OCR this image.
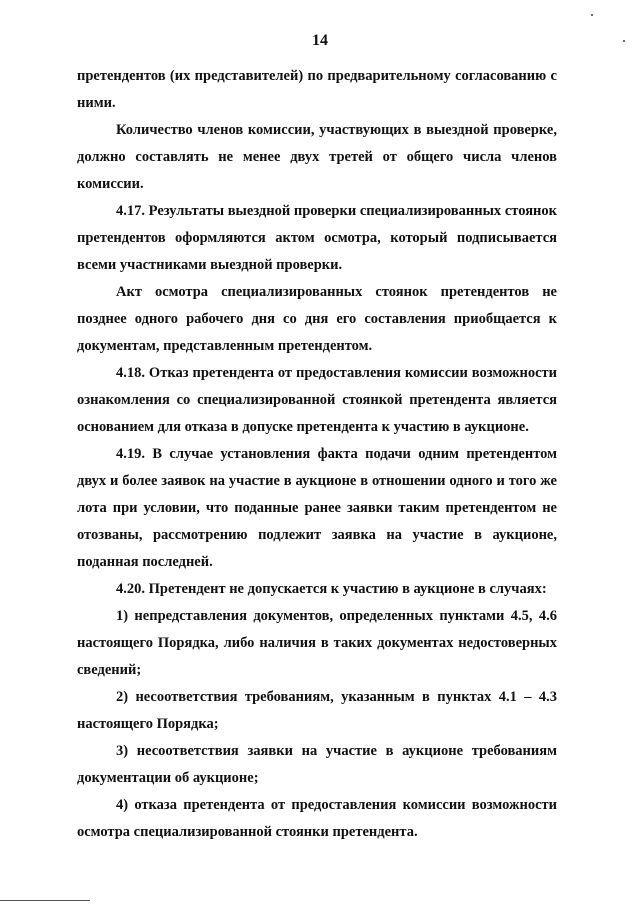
14

претендентов (их представителей) по предварительному согласованию с ними.

Количество членов комиссии, участвующих в выездной проверке, должно составлять не менее двух третей от общего числа членов комиссии.

4.17. Результаты выездной проверки специализированных стоянок претендентов оформляются актом осмотра, который подписывается всеми участниками выездной проверки.

Акт осмотра специализированных стоянок претендентов не позднее одного рабочего дня со дня его составления приобщается к документам, представленным претендентом.

4.18. Отказ претендента от предоставления комиссии возможности ознакомления со специализированной стоянкой претендента является основанием для отказа в допуске претендента к участию в аукционе.

4.19. В случае установления факта подачи одним претендентом двух и более заявок на участие в аукционе в отношении одного и того же лота при условии, что поданные ранее заявки таким претендентом не отозваны, рассмотрению подлежит заявка на участие в аукционе, поданная последней.

4.20. Претендент не допускается к участию в аукционе в случаях:

1) непредставления документов, определенных пунктами 4.5, 4.6 настоящего Порядка, либо наличия в таких документах недостоверных сведений;

2) несоответствия требованиям, указанным в пунктах 4.1 – 4.3 настоящего Порядка;

3) несоответствия заявки на участие в аукционе требованиям документации об аукционе;

4) отказа претендента от предоставления комиссии возможности осмотра специализированной стоянки претендента.
